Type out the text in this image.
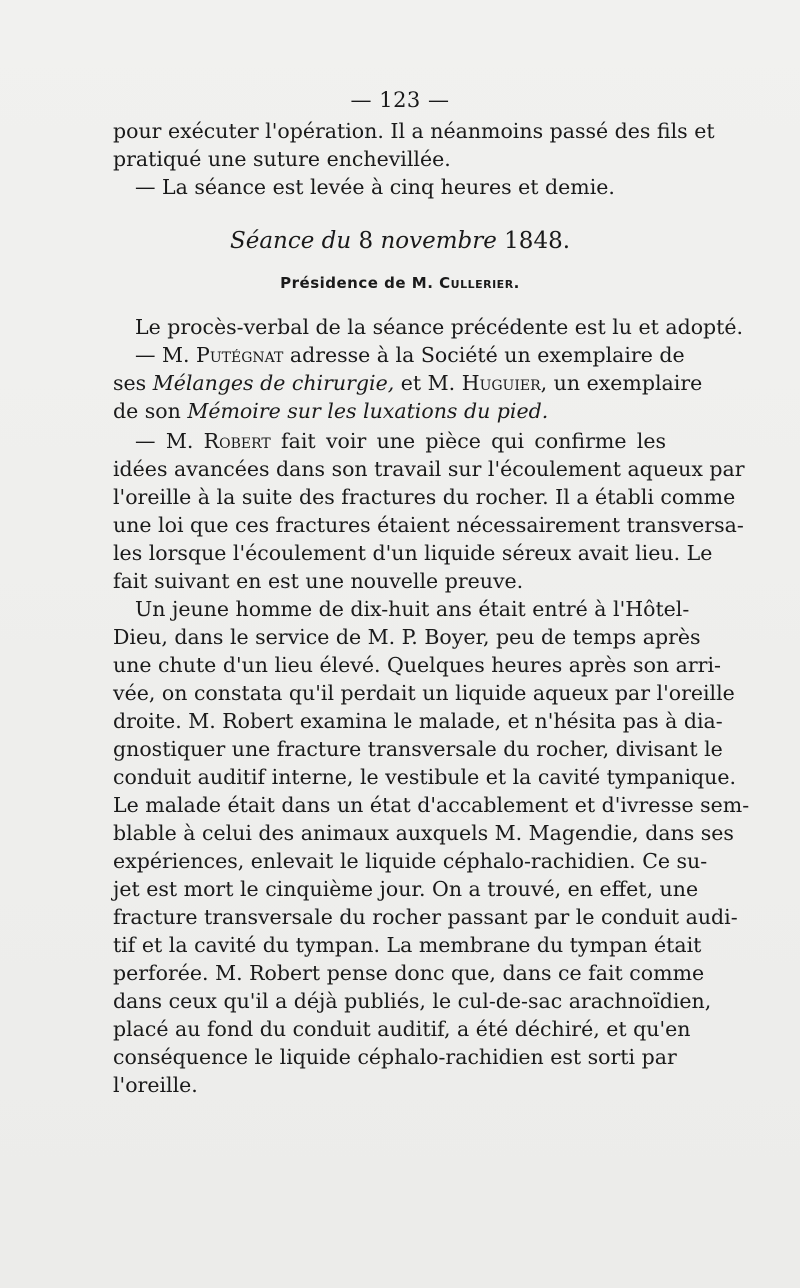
— 123 —
pour exécuter l'opération. Il a néanmoins passé des fils et
pratiqué une suture enchevillée.
— La séance est levée à cinq heures et demie.
Séance du 8 novembre 1848.
Présidence de M. Cullerier.
Le procès-verbal de la séance précédente est lu et adopté.
— M. Putégnat adresse à la Société un exemplaire de
ses Mélanges de chirurgie, et M. Huguier, un exemplaire
de son Mémoire sur les luxations du pied.
— M. Robert fait voir une pièce qui confirme les
idées avancées dans son travail sur l'écoulement aqueux par
l'oreille à la suite des fractures du rocher. Il a établi comme
une loi que ces fractures étaient nécessairement transversa-
les lorsque l'écoulement d'un liquide séreux avait lieu. Le
fait suivant en est une nouvelle preuve.
Un jeune homme de dix-huit ans était entré à l'Hôtel-
Dieu, dans le service de M. P. Boyer, peu de temps après
une chute d'un lieu élevé. Quelques heures après son arri-
vée, on constata qu'il perdait un liquide aqueux par l'oreille
droite. M. Robert examina le malade, et n'hésita pas à dia-
gnostiquer une fracture transversale du rocher, divisant le
conduit auditif interne, le vestibule et la cavité tympanique.
Le malade était dans un état d'accablement et d'ivresse sem-
blable à celui des animaux auxquels M. Magendie, dans ses
expériences, enlevait le liquide céphalo-rachidien. Ce su-
jet est mort le cinquième jour. On a trouvé, en effet, une
fracture transversale du rocher passant par le conduit audi-
tif et la cavité du tympan. La membrane du tympan était
perforée. M. Robert pense donc que, dans ce fait comme
dans ceux qu'il a déjà publiés, le cul-de-sac arachnoïdien,
placé au fond du conduit auditif, a été déchiré, et qu'en
conséquence le liquide céphalo-rachidien est sorti par
l'oreille.
